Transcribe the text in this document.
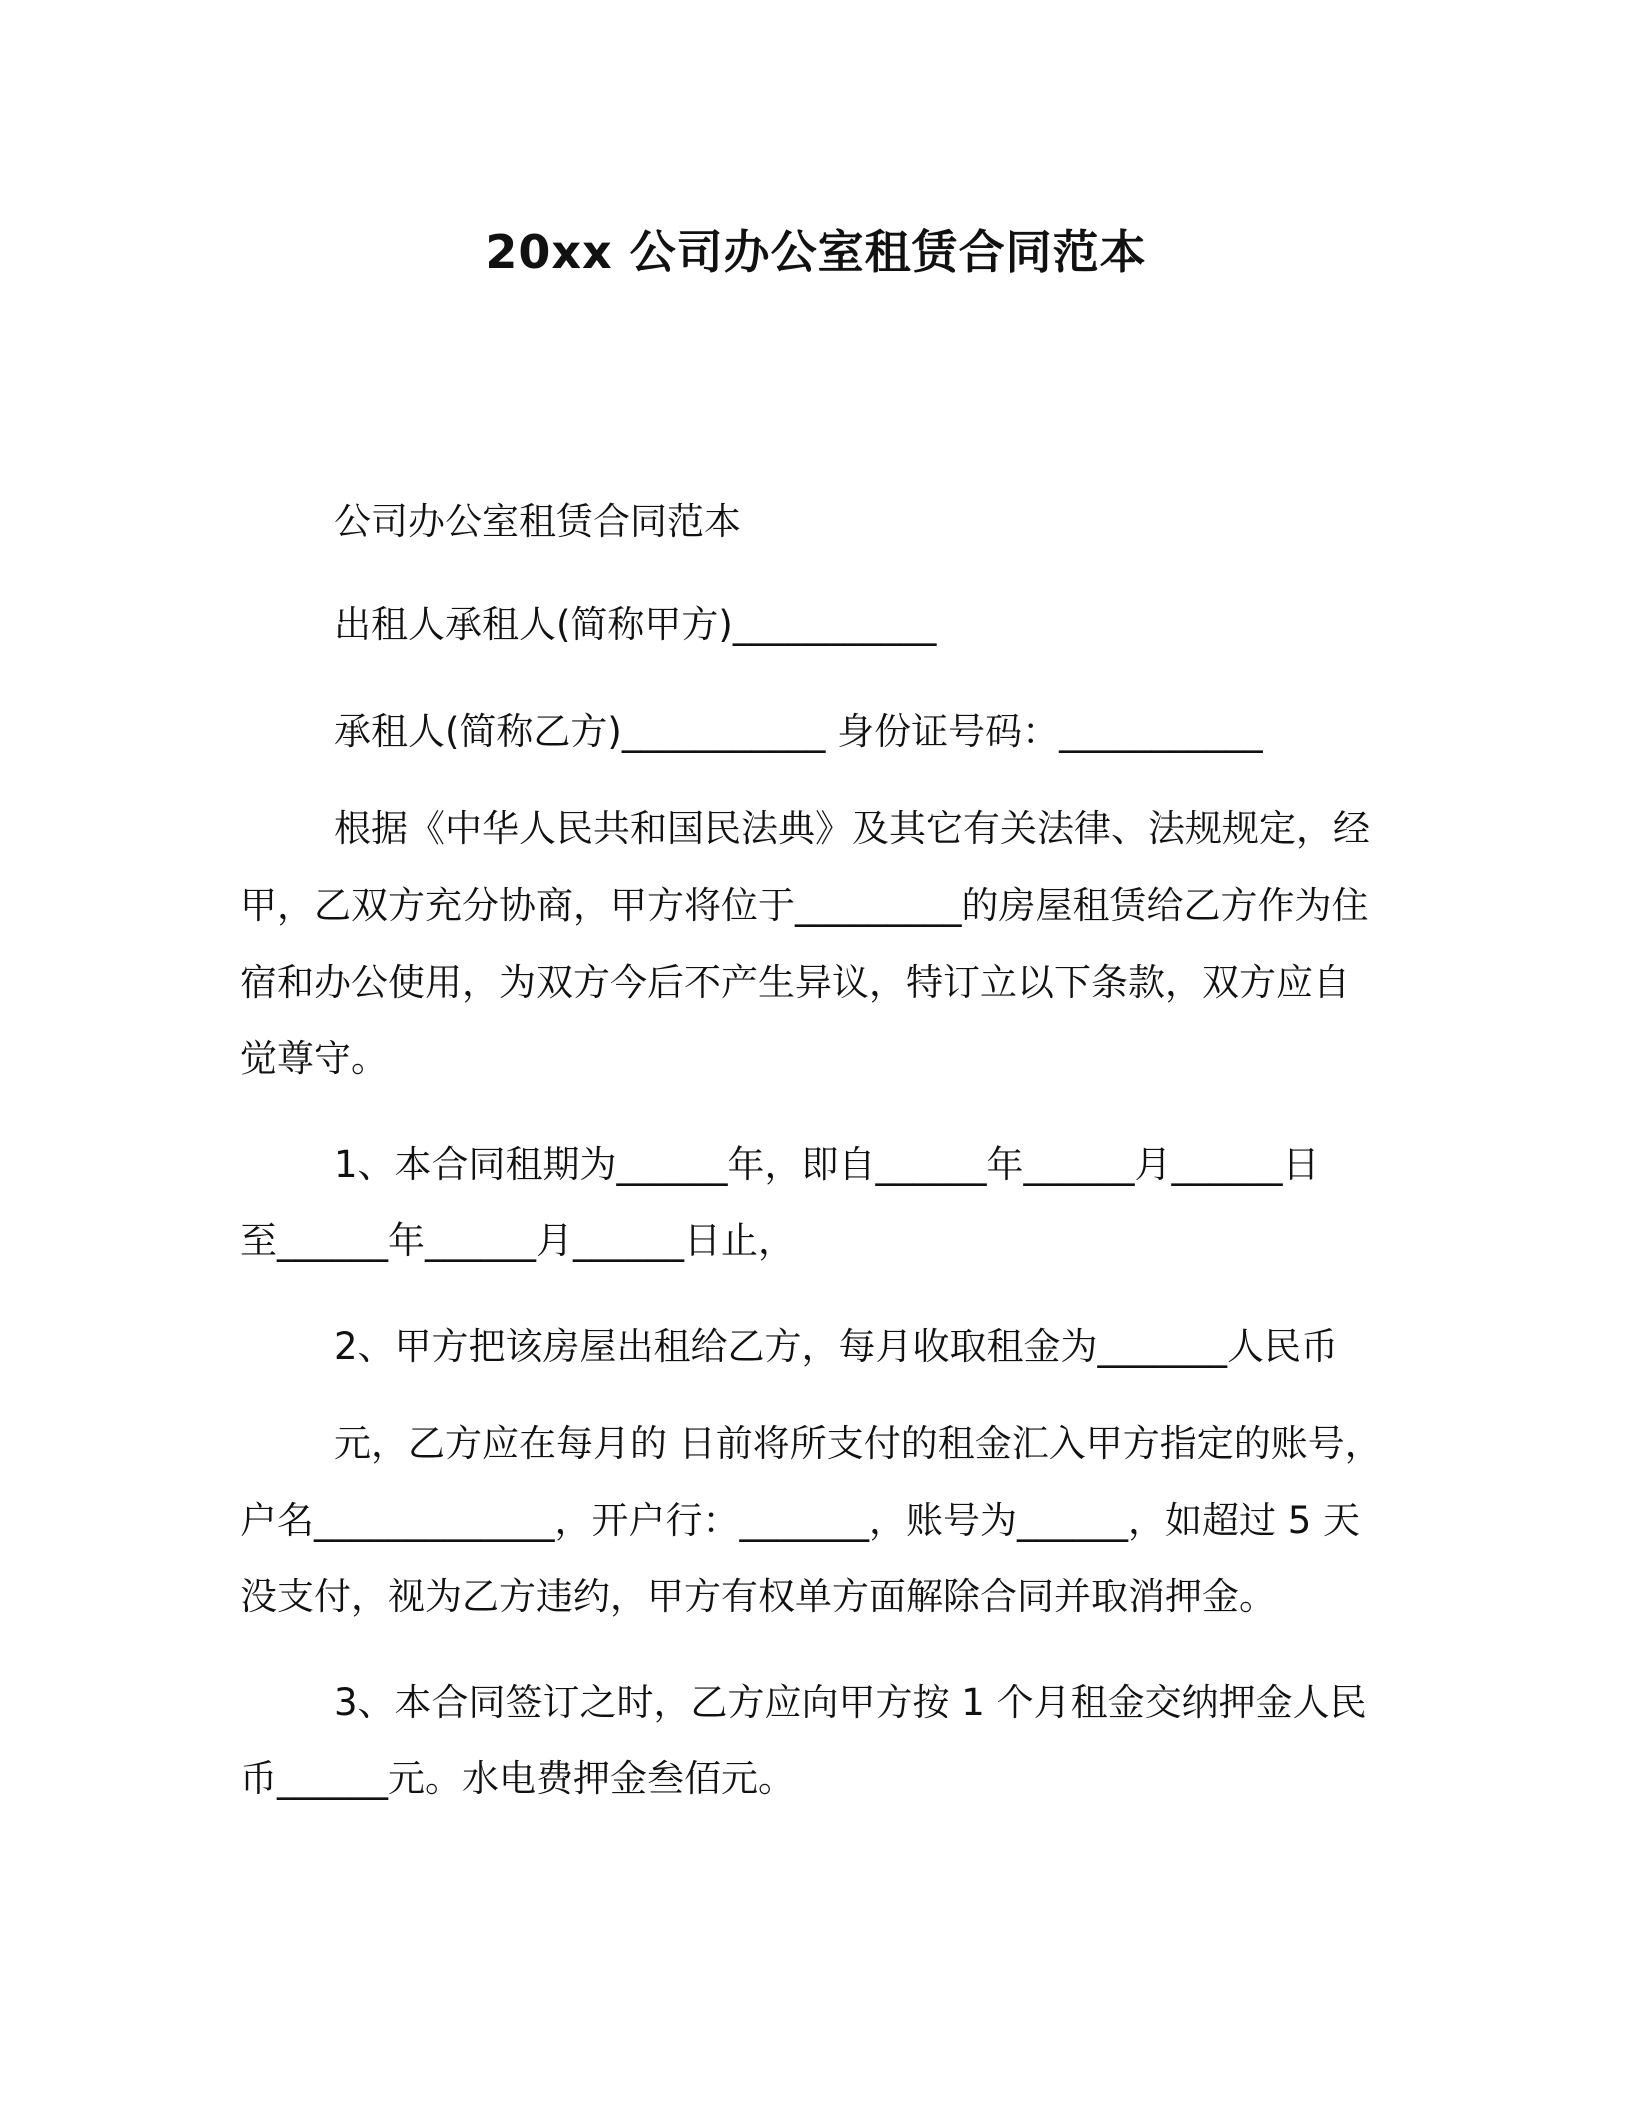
20xx 公司办公室租赁合同范本
公司办公室租赁合同范本
出租人承租人(简称甲方)___________
承租人(简称乙方)___________ 身份证号码：___________
根据《中华人民共和国民法典》及其它有关法律、法规规定，经
甲，乙双方充分协商，甲方将位于_________的房屋租赁给乙方作为住
宿和办公使用，为双方今后不产生异议，特订立以下条款，双方应自
觉尊守。
1、本合同租期为______年，即自______年______月______日
至______年______月______日止，
2、甲方把该房屋出租给乙方，每月收取租金为_______人民币
元，乙方应在每月的 日前将所支付的租金汇入甲方指定的账号，
户名_____________，开户行：_______，账号为______，如超过 5 天
没支付，视为乙方违约，甲方有权单方面解除合同并取消押金。
3、本合同签订之时，乙方应向甲方按 1 个月租金交纳押金人民
币______元。水电费押金叁佰元。
